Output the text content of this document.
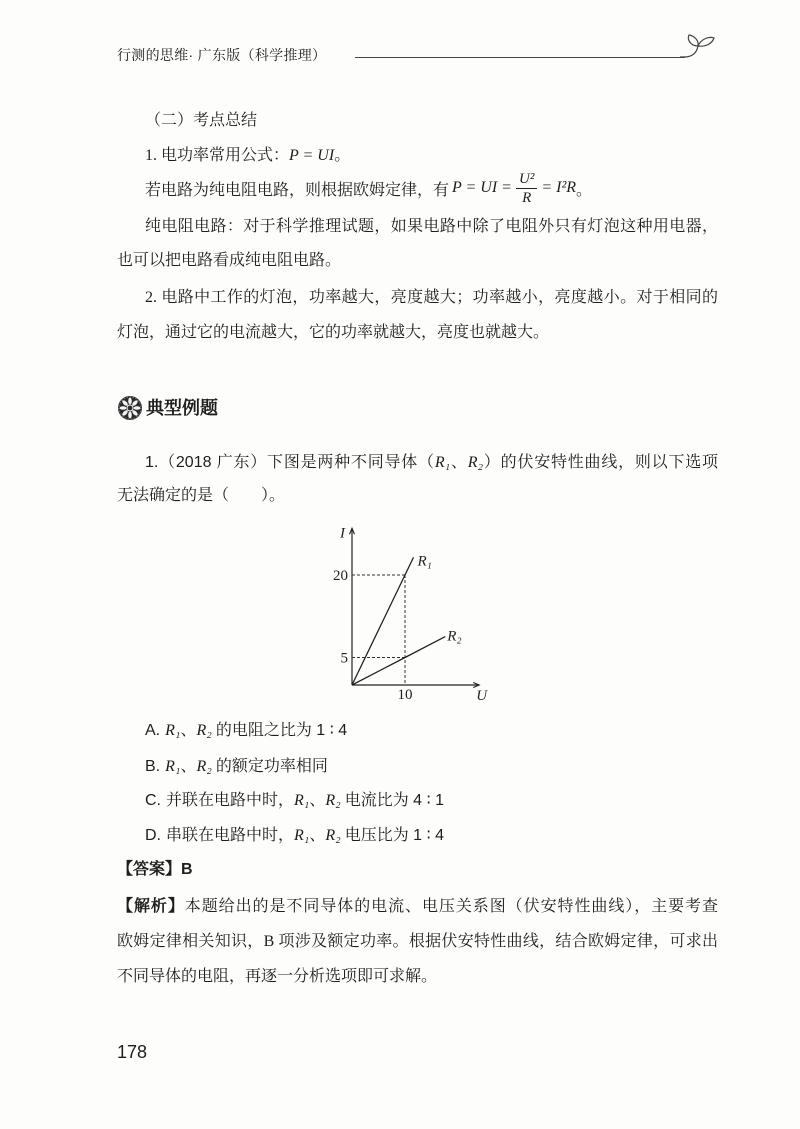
行测的思维· 广东版（科学推理）
（二）考点总结
1. 电功率常用公式：P = UI。
若电路为纯电阻电路，则根据欧姆定律，有 P = UI = $\frac{\text{U²}}{R} = I^2R$ 。
纯电阻电路：对于科学推理试题，如果电路中除了电阻外只有灯泡这种用电器，
也可以把电路看成纯电阻电路。
2. 电路中工作的灯泡，功率越大，亮度越大；功率越小，亮度越小。对于相同的
灯泡，通过它的电流越大，它的功率就越大，亮度也就越大。
典型例题
1.（2018 广东）下图是两种不同导体（R₁、R₂）的伏安特性曲线，则以下选项
无法确定的是（　　）。
R₁
R₂
20
5
10
I
U
A. R₁、R₂ 的电阻之比为 1 ∶ 4
B. R₁、R₂ 的额定功率相同
C. 并联在电路中时，R₁、R₂ 电流比为 4 ∶ 1
D. 串联在电路中时，R₁、R₂ 电压比为 1 ∶ 4
【答案】B
【解析】本题给出的是不同导体的电流、电压关系图（伏安特性曲线），主要考查
欧姆定律相关知识，B 项涉及额定功率。根据伏安特性曲线，结合欧姆定律，可求出
不同导体的电阻，再逐一分析选项即可求解。
178
